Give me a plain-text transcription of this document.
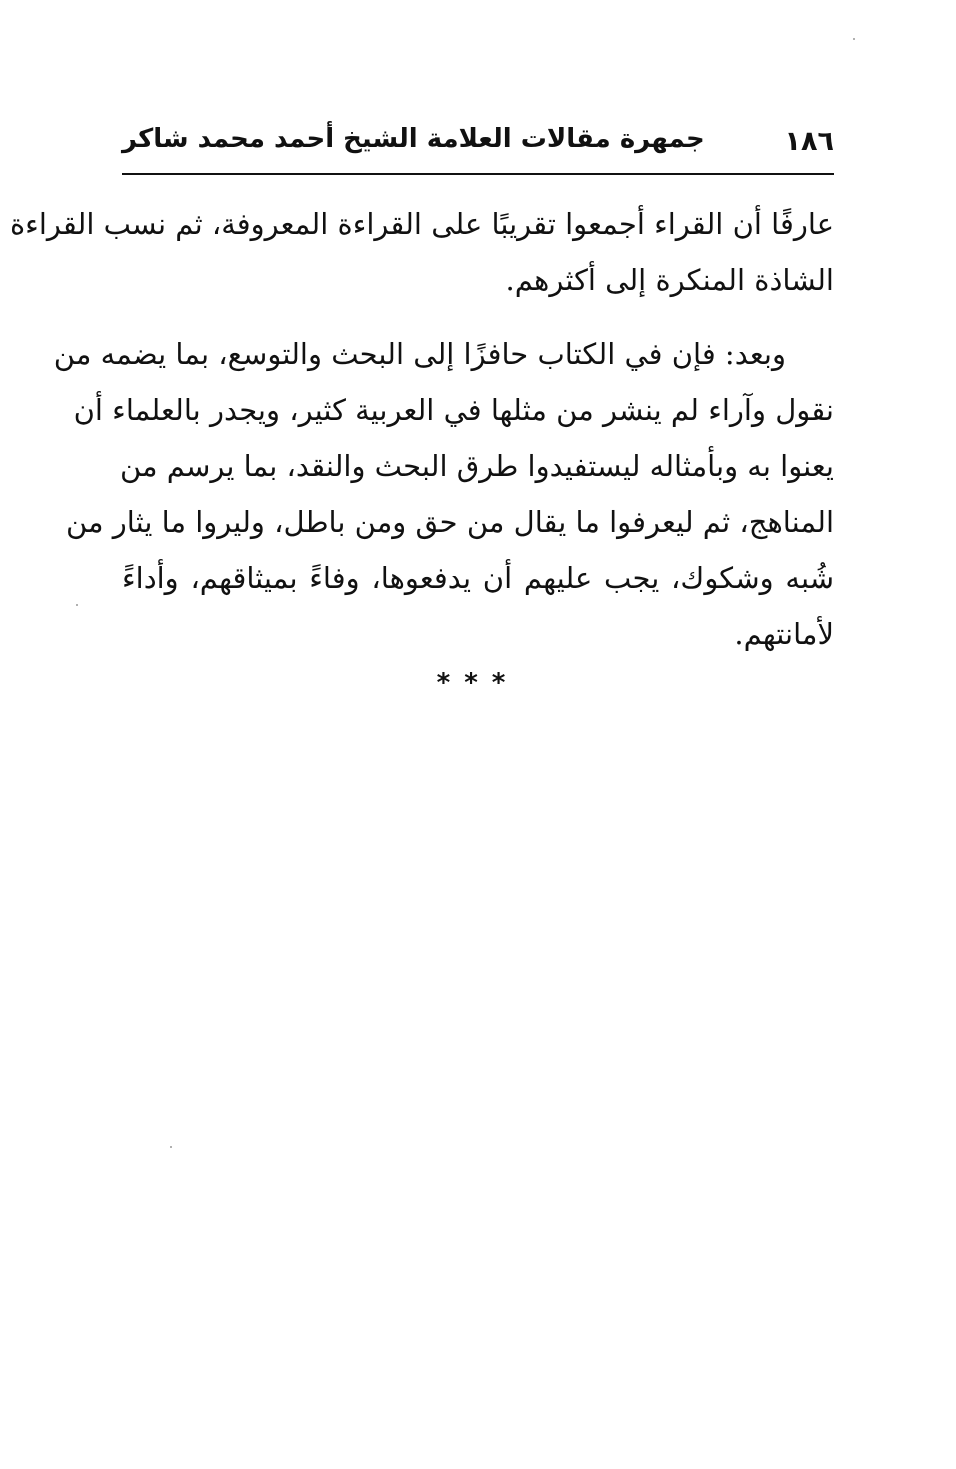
١٨٦
جمهرة مقالات العلامة الشيخ أحمد محمد شاكر

عارفًا أن القراء أجمعوا تقريبًا على القراءة المعروفة، ثم نسب القراءة
الشاذة المنكرة إلى أكثرهم.

وبعد: فإن في الكتاب حافزًا إلى البحث والتوسع، بما يضمه من
نقول وآراء لم ينشر من مثلها في العربية كثير، ويجدر بالعلماء أن
يعنوا به وبأمثاله ليستفيدوا طرق البحث والنقد، بما يرسم من
المناهج، ثم ليعرفوا ما يقال من حق ومن باطل، وليروا ما يثار من
شُبه وشكوك، يجب عليهم أن يدفعوها، وفاءً بميثاقهم، وأداءً
لأمانتهم.

***
